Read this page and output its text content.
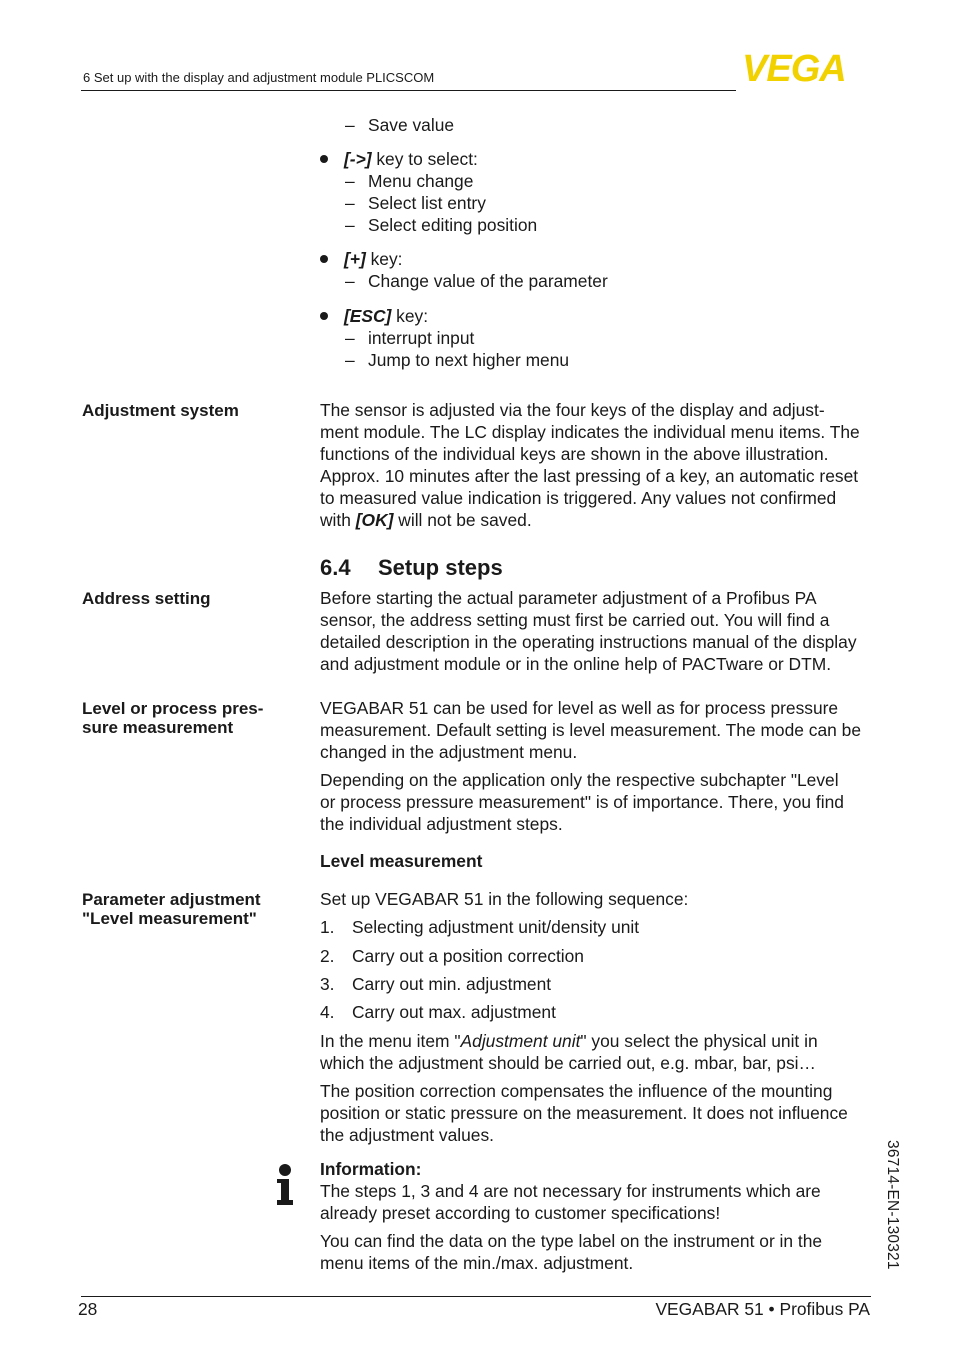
6 Set up with the display and adjustment module PLICSCOM	VEGA
– Save value
[->] key to select:
– Menu change
– Select list entry
– Select editing position
[+] key:
– Change value of the parameter
[ESC] key:
– interrupt input
– Jump to next higher menu
Adjustment system	The sensor is adjusted via the four keys of the display and adjust-
ment module. The LC display indicates the individual menu items. The
functions of the individual keys are shown in the above illustration.
Approx. 10 minutes after the last pressing of a key, an automatic reset
to measured value indication is triggered. Any values not confirmed
with [OK] will not be saved.
6.4 Setup steps
Address setting	Before starting the actual parameter adjustment of a Profibus PA
sensor, the address setting must first be carried out. You will find a
detailed description in the operating instructions manual of the display
and adjustment module or in the online help of PACTware or DTM.
Level or process pres-
sure measurement
VEGABAR 51 can be used for level as well as for process pressure
measurement. Default setting is level measurement. The mode can be
changed in the adjustment menu.
Depending on the application only the respective subchapter "Level
or process pressure measurement" is of importance. There, you find
the individual adjustment steps.
Level measurement
Parameter adjustment
"Level measurement"
Set up VEGABAR 51 in the following sequence:
1. Selecting adjustment unit/density unit
2. Carry out a position correction
3. Carry out min. adjustment
4. Carry out max. adjustment
In the menu item "Adjustment unit" you select the physical unit in
which the adjustment should be carried out, e.g. mbar, bar, psi…
The position correction compensates the influence of the mounting
position or static pressure on the measurement. It does not influence
the adjustment values.
Information:
The steps 1, 3 and 4 are not necessary for instruments which are
already preset according to customer specifications!
You can find the data on the type label on the instrument or in the
menu items of the min./max. adjustment.	36714-EN-130321
28	VEGABAR 51 • Profibus PA
